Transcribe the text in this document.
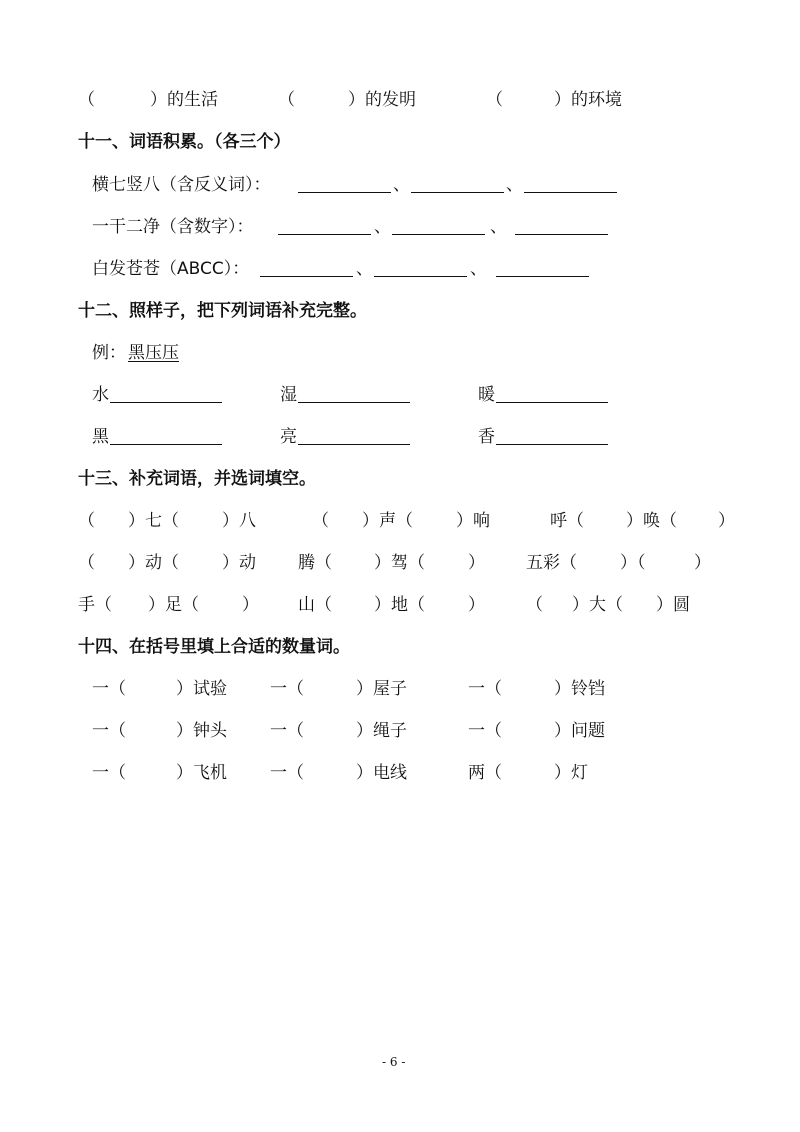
（	）的生活	（	）的发明	（	）的环境
十一、词语积累。（各三个）
横七竖八（含反义词）：	、	、
一干二净（含数字）：	、	、
白发苍苍（ABCC）：	、	、
十二、照样子，把下列词语补充完整。
例： 黑压压
水	湿	暖
黑	亮	香
十三、补充词语，并选词填空。
（ ）七（	）八	（ ）声（	）响	呼（ ）唤（ ）
（ ）动（	）动 腾（ ）驾（	） 五彩（	）（	）
手（ ）足（	） 山（ ）地（	） （ ）大（ ）圆
十四、在括号里填上合适的数量词。
一（	）试验	一（	）屋子	一（	）铃铛
一（	）钟头	一（	）绳子	一（	）问题
一（	）飞机	一（	）电线	两（	）灯
- 6 -
